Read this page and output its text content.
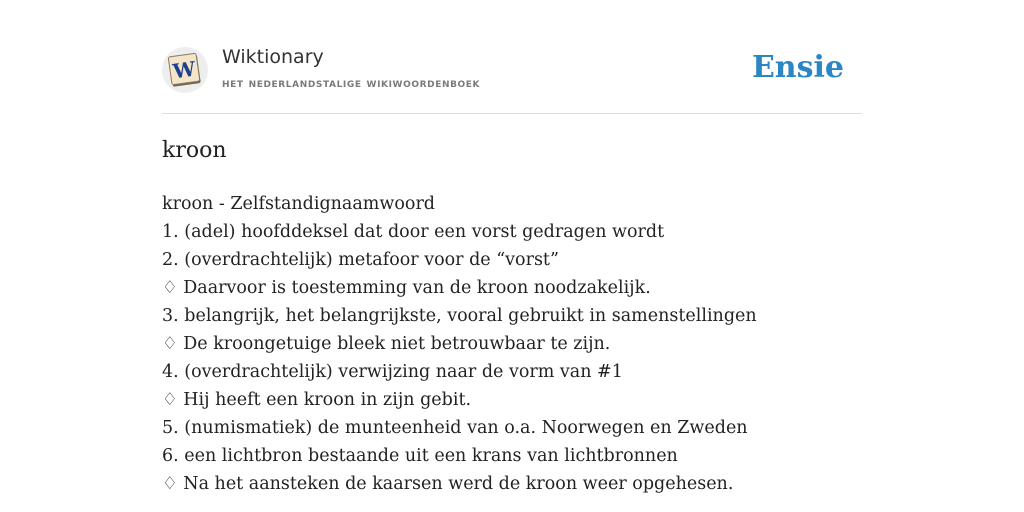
W Wiktionary
het nederlandstalige wikiwoordenboek	Ensie
kroon
kroon - Zelfstandignaamwoord
1. (adel) hoofddeksel dat door een vorst gedragen wordt
2. (overdrachtelijk) metafoor voor de “vorst”
♢ Daarvoor is toestemming van de kroon noodzakelijk.
3. belangrijk, het belangrijkste, vooral gebruikt in samenstellingen
♢ De kroongetuige bleek niet betrouwbaar te zijn.
4. (overdrachtelijk) verwijzing naar de vorm van #1
♢ Hij heeft een kroon in zijn gebit.
5. (numismatiek) de munteenheid van o.a. Noorwegen en Zweden
6. een lichtbron bestaande uit een krans van lichtbronnen
♢ Na het aansteken de kaarsen werd de kroon weer opgehesen.
